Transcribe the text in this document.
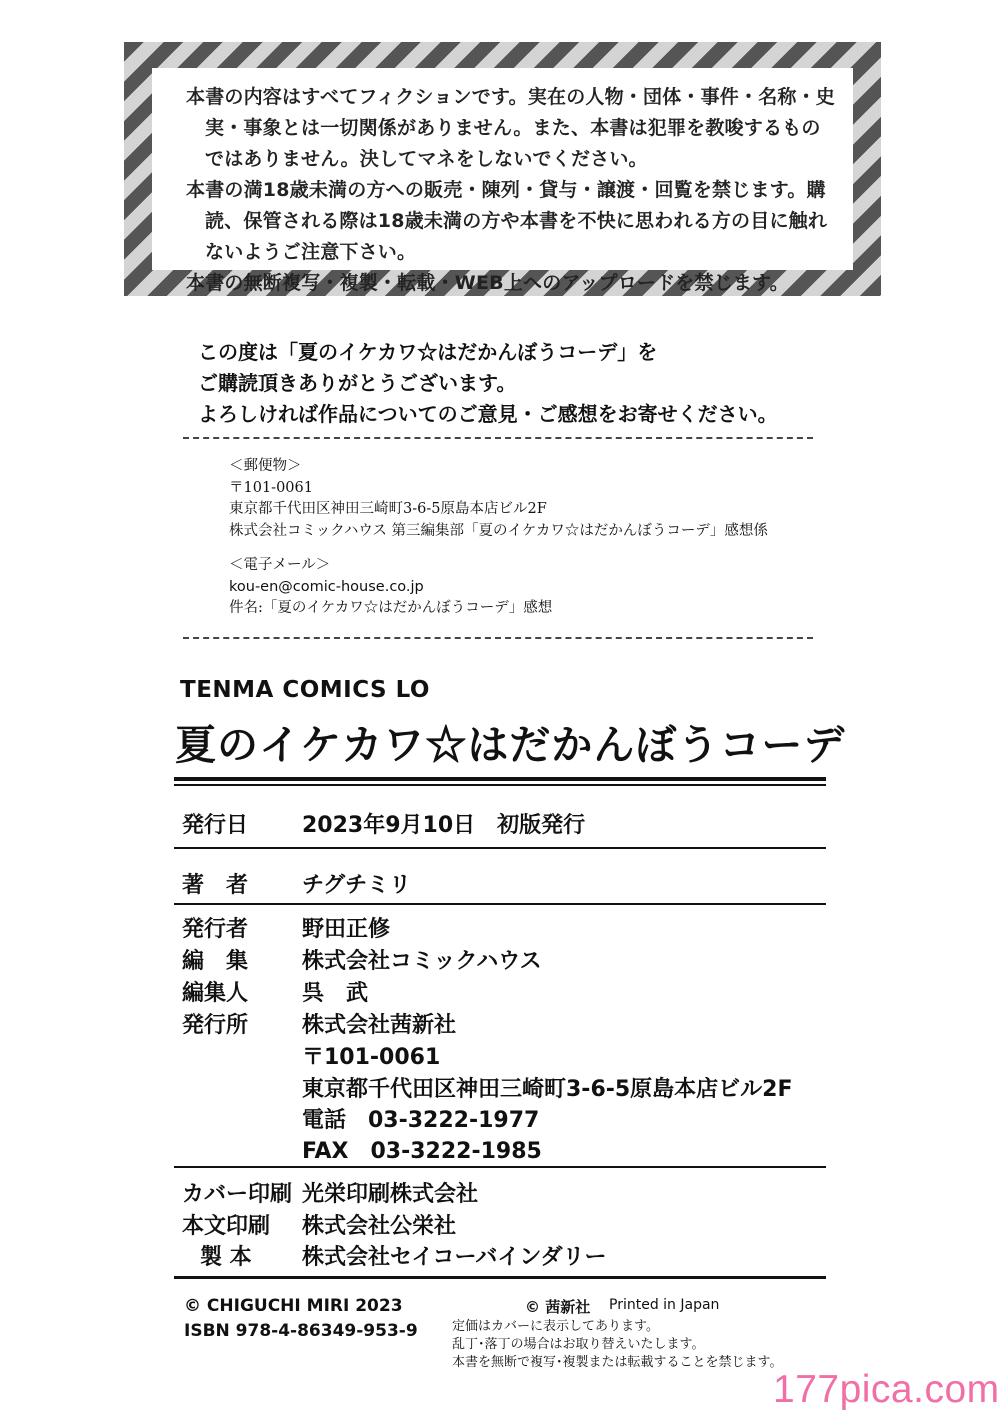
本書の内容はすべてフィクションです。実在の人物・団体・事件・名称・史実・事象とは一切関係がありません。また、本書は犯罪を教唆するものではありません。決してマネをしないでください。

本書の満18歳未満の方への販売・陳列・貸与・譲渡・回覧を禁じます。購読、保管される際は18歳未満の方や本書を不快に思われる方の目に触れないようご注意下さい。

本書の無断複写・複製・転載・WEB上へのアップロードを禁じます。

この度は「夏のイケカワ☆はだかんぼうコーデ」を
ご購読頂きありがとうございます。
よろしければ作品についてのご意見・ご感想をお寄せください。
＜郵便物＞
〒101-0061
東京都千代田区神田三崎町3-6-5原島本店ビル2F
株式会社コミックハウス 第三編集部「夏のイケカワ☆はだかんぼうコーデ」感想係
＜電子メール＞
kou-en@comic-house.co.jp
件名:「夏のイケカワ☆はだかんぼうコーデ」感想
TENMA COMICS LO
夏のイケカワ☆はだかんぼうコーデ
発行日 2023年9月10日　初版発行
著　者 チグチミリ
発行者 野田正修
編　集 株式会社コミックハウス
編集人 呉　武
発行所 株式会社茜新社
〒101-0061
東京都千代田区神田三崎町3-6-5原島本店ビル2F
電話　03-3222-1977
FAX　03-3222-1985
カバー印刷 光栄印刷株式会社
本文印刷 株式会社公栄社
製 本 株式会社セイコーバインダリー
© CHIGUCHI MIRI 2023
ISBN 978-4-86349-953-9
© 茜新社 Printed in Japan
定価はカバーに表示してあります。
乱丁･落丁の場合はお取り替えいたします。
本書を無断で複写･複製または転載することを禁じます。
177pica.com
